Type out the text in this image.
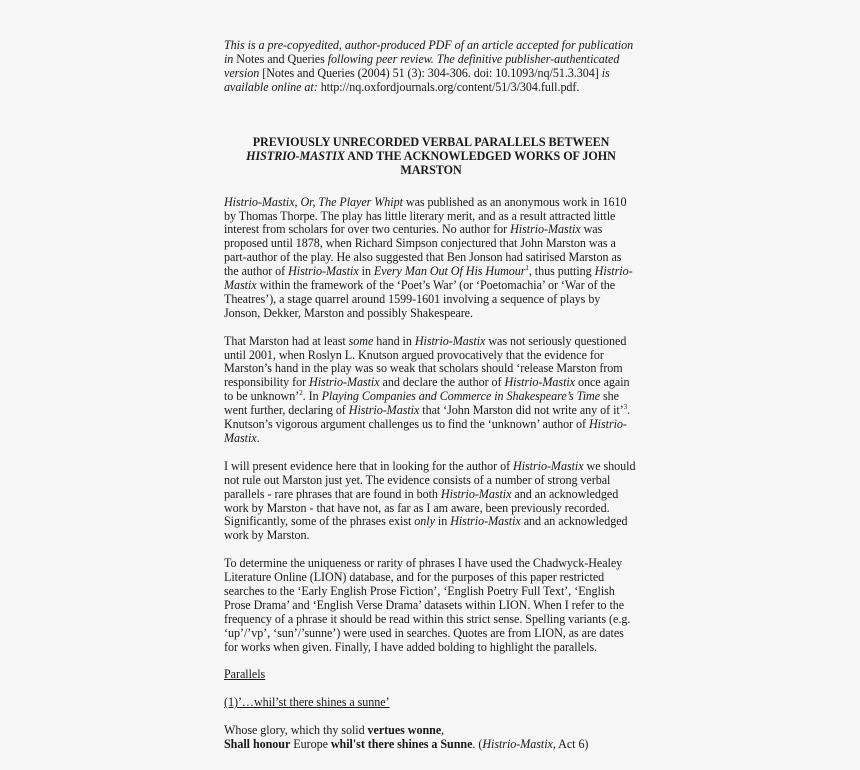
This is a pre-copyedited, author-produced PDF of an article accepted for publication in Notes and Queries following peer review. The definitive publisher-authenticated version [Notes and Queries (2004) 51 (3): 304-306. doi: 10.1093/nq/51.3.304] is available online at: http://nq.oxfordjournals.org/content/51/3/304.full.pdf.

PREVIOUSLY UNRECORDED VERBAL PARALLELS BETWEEN HISTRIO-MASTIX AND THE ACKNOWLEDGED WORKS OF JOHN MARSTON

Histrio-Mastix, Or, The Player Whipt was published as an anonymous work in 1610 by Thomas Thorpe. The play has little literary merit, and as a result attracted little interest from scholars for over two centuries. No author for Histrio-Mastix was proposed until 1878, when Richard Simpson conjectured that John Marston was a part-author of the play. He also suggested that Ben Jonson had satirised Marston as the author of Histrio-Mastix in Every Man Out Of His Humour$^1$, thus putting Histrio-Mastix within the framework of the ‘Poet’s War’ (or ‘Poetomachia’ or ‘War of the Theatres’), a stage quarrel around 1599-1601 involving a sequence of plays by Jonson, Dekker, Marston and possibly Shakespeare.

That Marston had at least some hand in Histrio-Mastix was not seriously questioned until 2001, when Roslyn L. Knutson argued provocatively that the evidence for Marston’s hand in the play was so weak that scholars should ‘release Marston from responsibility for Histrio-Mastix and declare the author of Histrio-Mastix once again to be unknown’$^2$. In Playing Companies and Commerce in Shakespeare’s Time she went further, declaring of Histrio-Mastix that ‘John Marston did not write any of it’$^3$. Knutson’s vigorous argument challenges us to find the ‘unknown’ author of Histrio-Mastix.

I will present evidence here that in looking for the author of Histrio-Mastix we should not rule out Marston just yet. The evidence consists of a number of strong verbal parallels - rare phrases that are found in both Histrio-Mastix and an acknowledged work by Marston - that have not, as far as I am aware, been previously recorded. Significantly, some of the phrases exist only in Histrio-Mastix and an acknowledged work by Marston.

To determine the uniqueness or rarity of phrases I have used the Chadwyck-Healey Literature Online (LION) database, and for the purposes of this paper restricted searches to the ‘Early English Prose Fiction’, ‘English Poetry Full Text’, ‘English Prose Drama’ and ‘English Verse Drama’ datasets within LION. When I refer to the frequency of a phrase it should be read within this strict sense. Spelling variants (e.g. ‘up’/’vp’, ‘sun’/’sunne’) were used in searches. Quotes are from LION, as are dates for works when given. Finally, I have added bolding to highlight the parallels.

Parallels
(1)’…whil’st there shines a sunne’
Whose glory, which thy solid vertues wonne,
Shall honour Europe whil'st there shines a Sunne. (Histrio-Mastix, Act 6)
